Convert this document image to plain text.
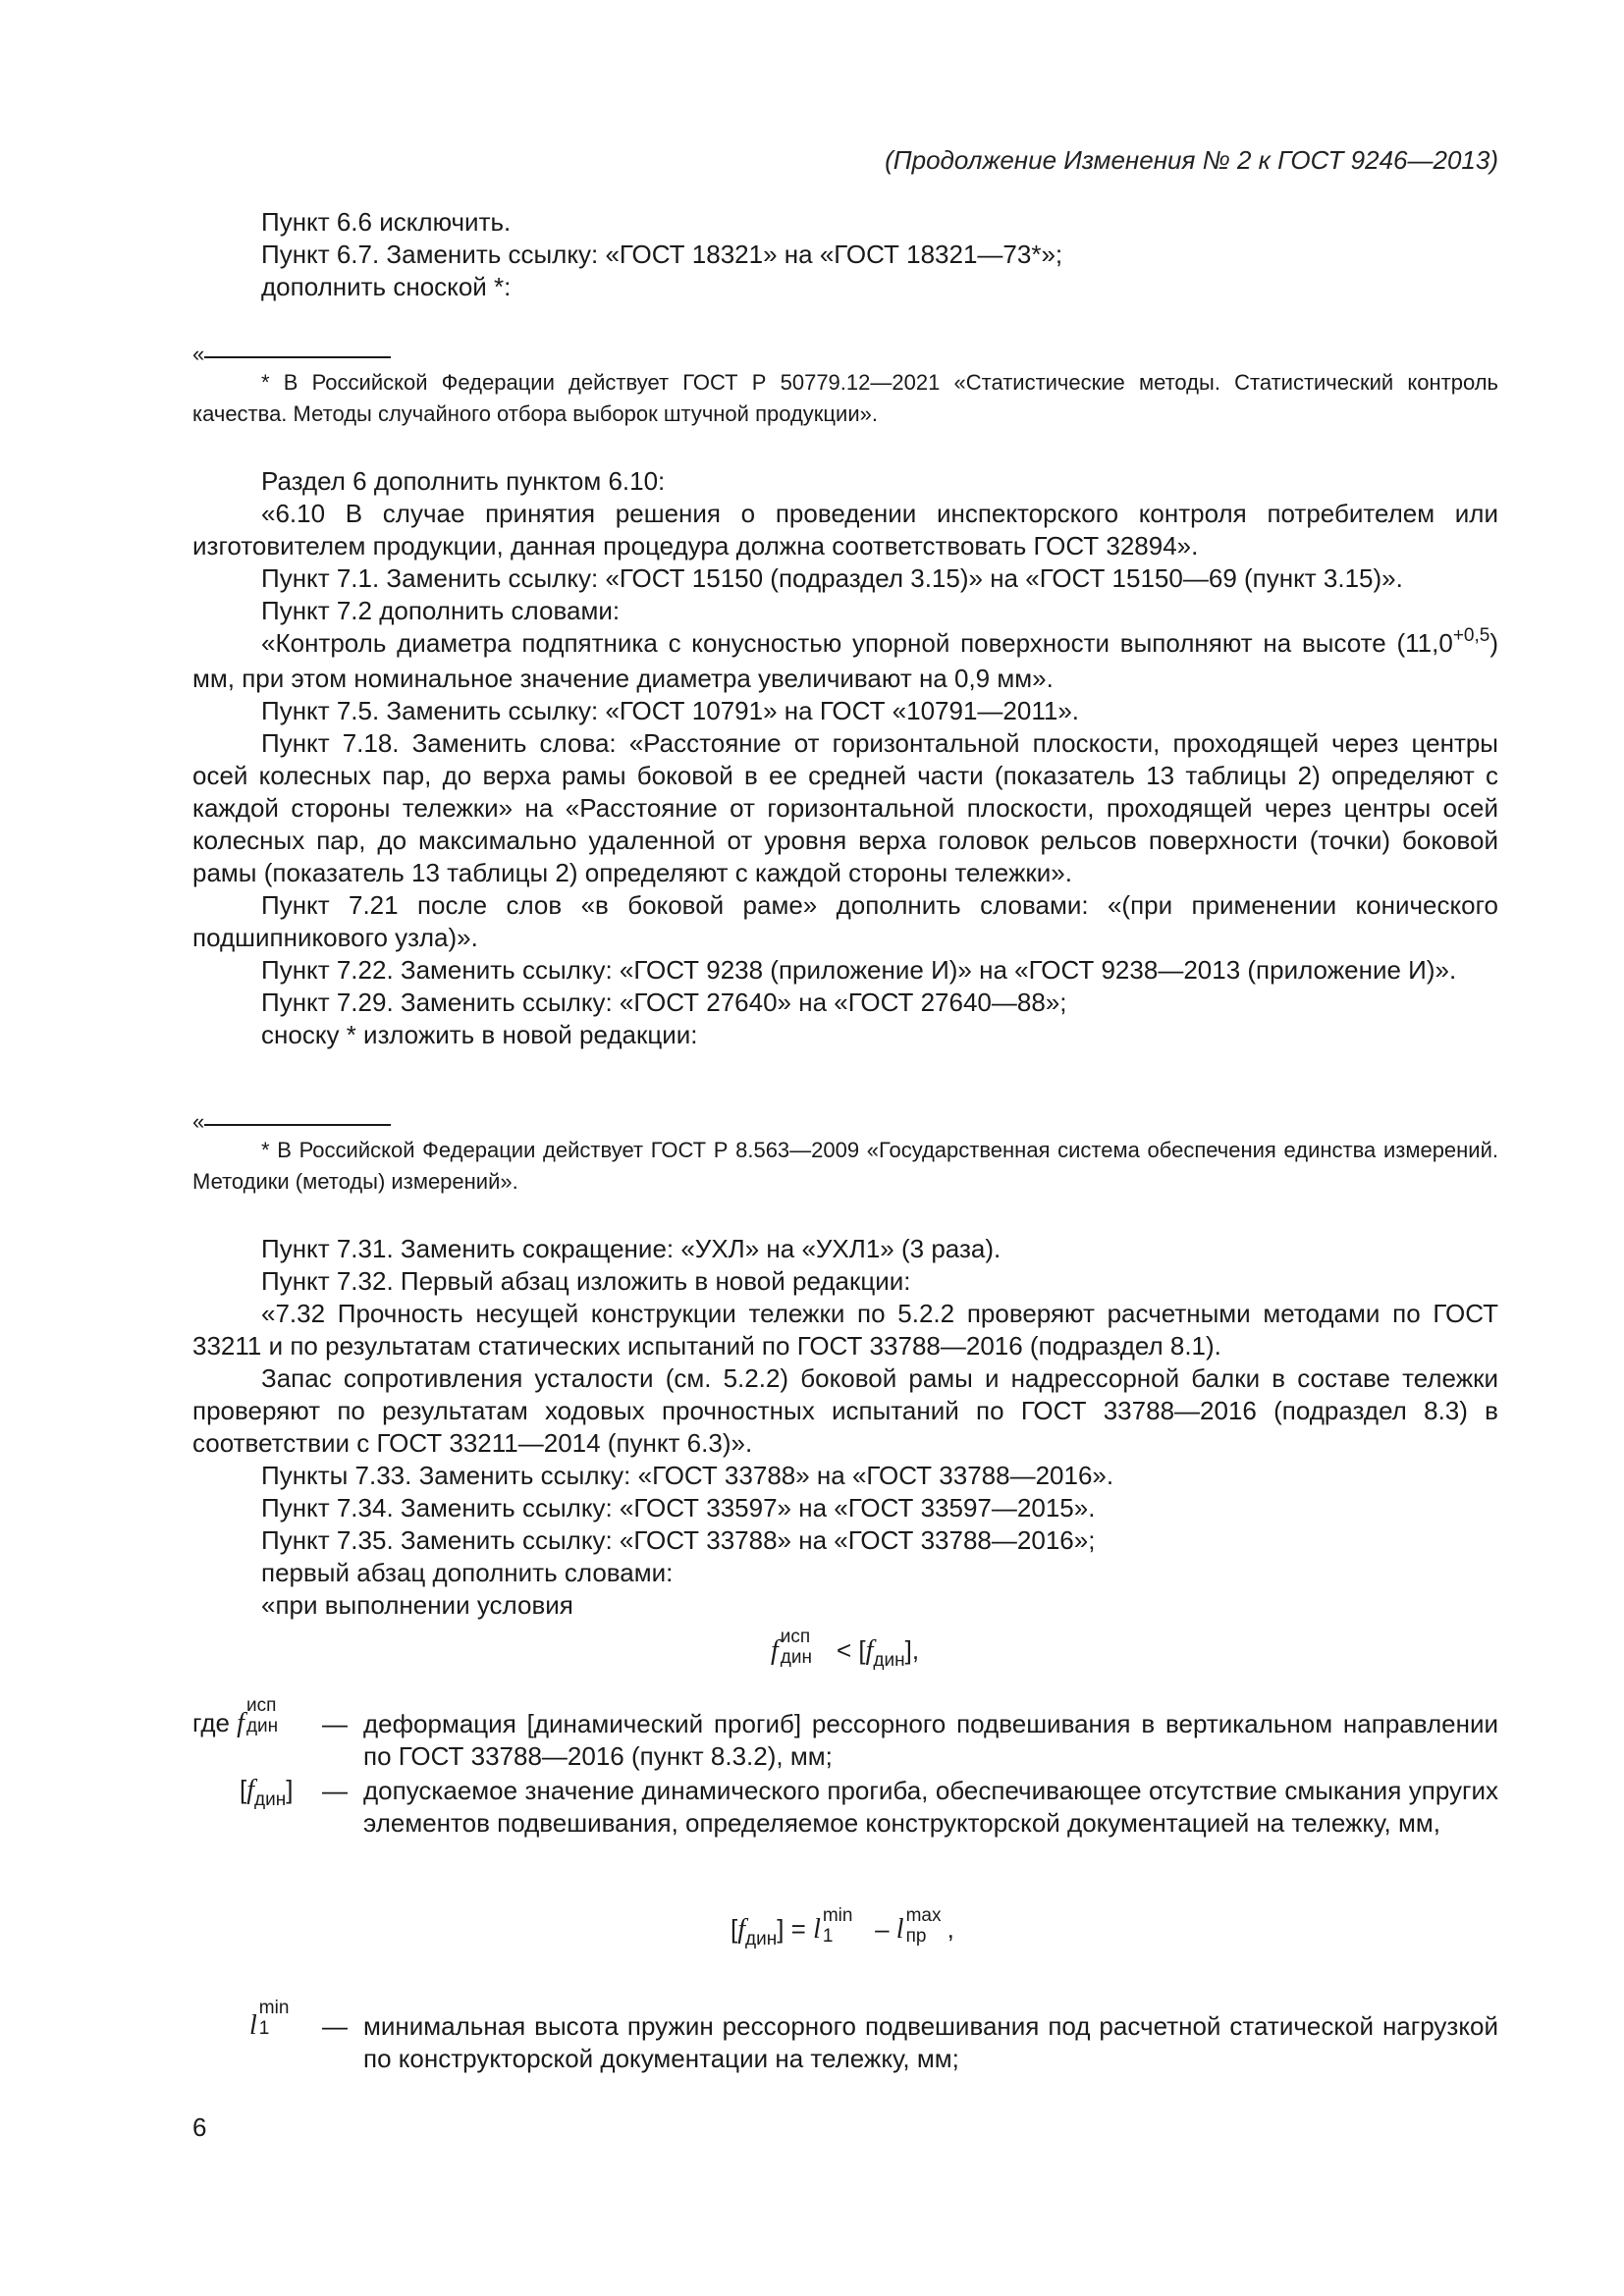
(Продолжение Изменения № 2 к ГОСТ 9246—2013)

Пункт 6.6 исключить.

Пункт 6.7. Заменить ссылку: «ГОСТ 18321» на «ГОСТ 18321—73*»;

дополнить сноской *:

«

* В Российской Федерации действует ГОСТ Р 50779.12—2021 «Статистические методы. Статистический контроль качества. Методы случайного отбора выборок штучной продукции».

Раздел 6 дополнить пунктом 6.10:

«6.10 В случае принятия решения о проведении инспекторского контроля потребителем или изготовителем продукции, данная процедура должна соответствовать ГОСТ 32894».

Пункт 7.1. Заменить ссылку: «ГОСТ 15150 (подраздел 3.15)» на «ГОСТ 15150—69 (пункт 3.15)».

Пункт 7.2 дополнить словами:

«Контроль диаметра подпятника с конусностью упорной поверхности выполняют на высоте $(11,0^{+0,5})$ мм, при этом номинальное значение диаметра увеличивают на 0,9 мм».

Пункт 7.5. Заменить ссылку: «ГОСТ 10791» на ГОСТ «10791—2011».

Пункт 7.18. Заменить слова: «Расстояние от горизонтальной плоскости, проходящей через центры осей колесных пар, до верха рамы боковой в ее средней части (показатель 13 таблицы 2) определяют с каждой стороны тележки» на «Расстояние от горизонтальной плоскости, проходящей через центры осей колесных пар, до максимально удаленной от уровня верха головок рельсов поверхности (точки) боковой рамы (показатель 13 таблицы 2) определяют с каждой стороны тележки».

Пункт 7.21 после слов «в боковой раме» дополнить словами: «(при применении конического подшипникового узла)».

Пункт 7.22. Заменить ссылку: «ГОСТ 9238 (приложение И)» на «ГОСТ 9238—2013 (приложение И)».

Пункт 7.29. Заменить ссылку: «ГОСТ 27640» на «ГОСТ 27640—88»;

сноску * изложить в новой редакции:

«

* В Российской Федерации действует ГОСТ Р 8.563—2009 «Государственная система обеспечения единства измерений. Методики (методы) измерений».

Пункт 7.31. Заменить сокращение: «УХЛ» на «УХЛ1» (3 раза).

Пункт 7.32. Первый абзац изложить в новой редакции:

«7.32 Прочность несущей конструкции тележки по 5.2.2 проверяют расчетными методами по ГОСТ 33211 и по результатам статических испытаний по ГОСТ 33788—2016 (подраздел 8.1).

Запас сопротивления усталости (см. 5.2.2) боковой рамы и надрессорной балки в составе тележки проверяют по результатам ходовых прочностных испытаний по ГОСТ 33788—2016 (подраздел 8.3) в соответствии с ГОСТ 33211—2014 (пункт 6.3)».

Пункты 7.33. Заменить ссылку: «ГОСТ 33788» на «ГОСТ 33788—2016».

Пункт 7.34. Заменить ссылку: «ГОСТ 33597» на «ГОСТ 33597—2015».

Пункт 7.35. Заменить ссылку: «ГОСТ 33788» на «ГОСТ 33788—2016»;

первый абзац дополнить словами:

«при выполнении условия

f исп
дин < $[f_{дин}]$,
где f
исп
дин
— деформация [динамический прогиб] рессорного подвешивания в вертикальном направлении по ГОСТ 33788—2016 (пункт 8.3.2), мм;

$[f_{дин}]$ — допускаемое значение динамического прогиба, обеспечивающее отсутствие смыкания упругих элементов подвешивания, определяемое конструкторской документацией на тележку, мм,

$[f_{дин}] = l$ min
1 – l max
пр ,
l
min
1
— минимальная высота пружин рессорного подвешивания под расчетной статической нагрузкой по конструкторской документации на тележку, мм;

6
